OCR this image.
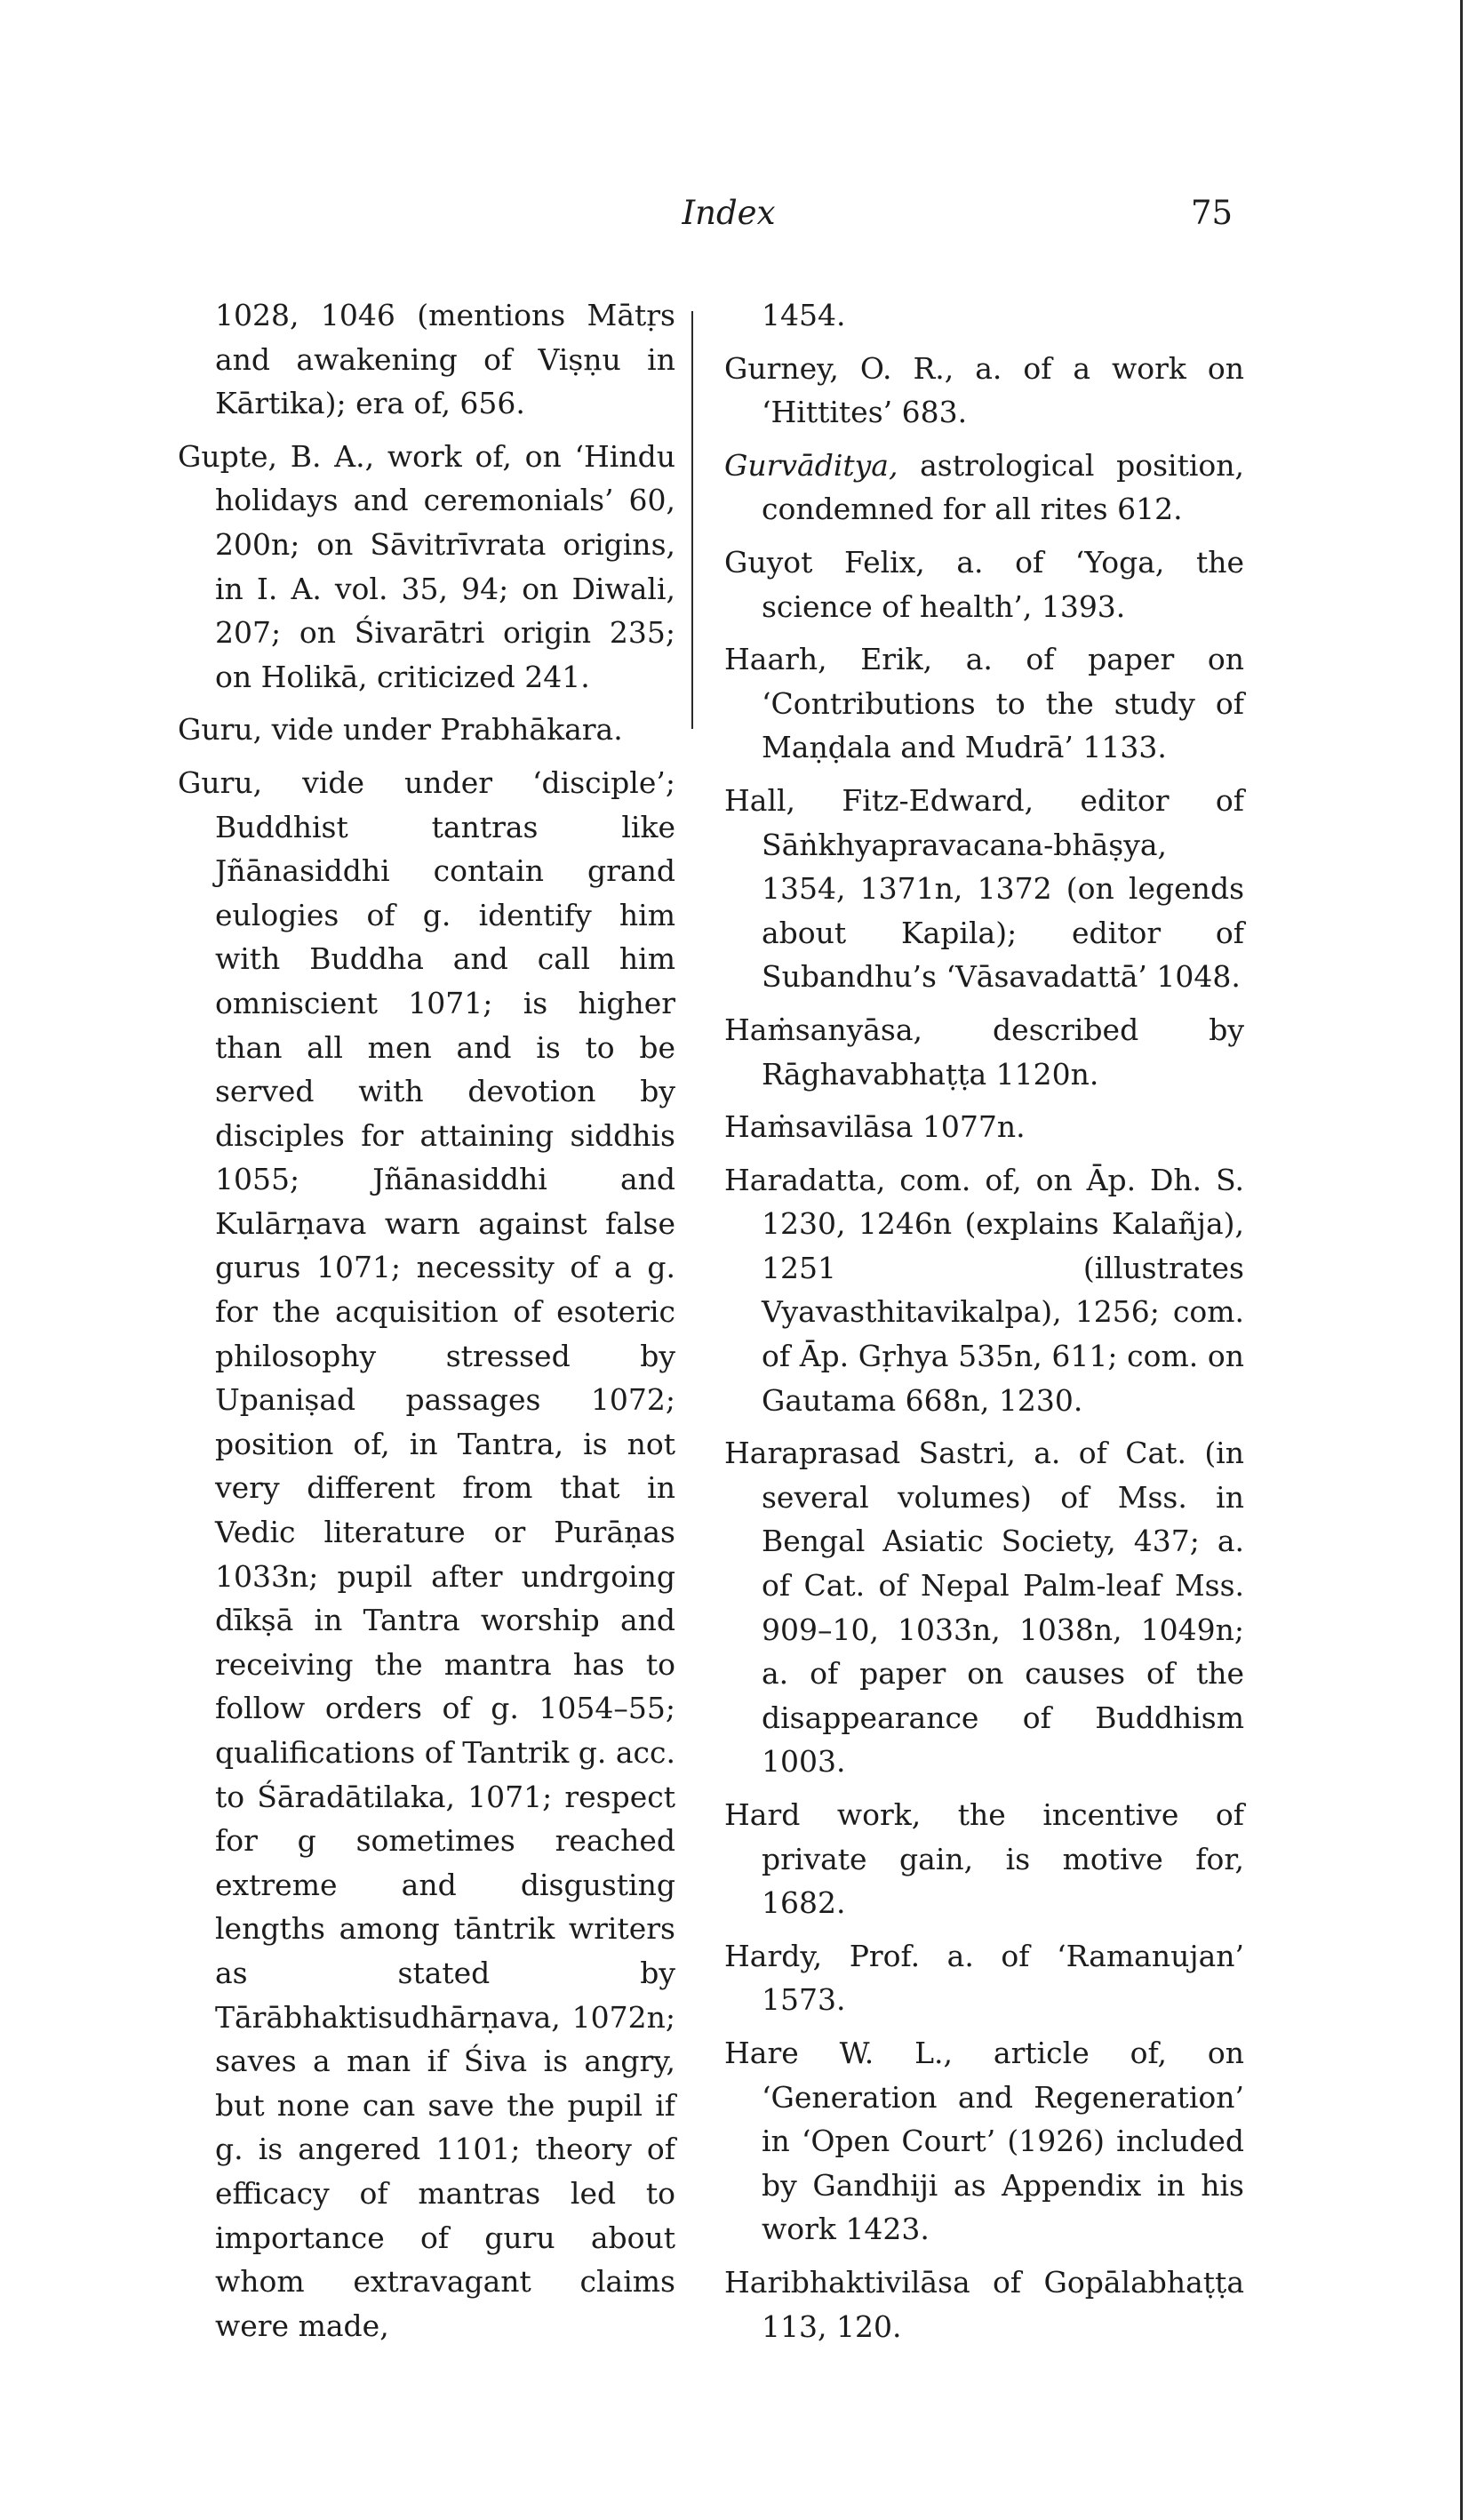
Index	75

1028, 1046 (mentions Mātṛs and awakening of Viṣṇu in Kārtika); era of, 656.

Gupte, B. A., work of, on ‘Hindu holidays and ceremonials’ 60, 200n; on Sāvitrīvrata origins, in I. A. vol. 35, 94; on Diwali, 207; on Śivarātri origin 235; on Holikā, criticized 241.

Guru, vide under Prabhākara.

Guru, vide under ‘disciple’; Buddhist tantras like Jñānasiddhi contain grand eulogies of g. identify him with Buddha and call him omniscient 1071; is higher than all men and is to be served with devotion by disciples for attaining siddhis 1055; Jñānasiddhi and Kulārṇava warn against false gurus 1071; necessity of a g. for the acquisition of esoteric philosophy stressed by Upaniṣad passages 1072; position of, in Tantra, is not very different from that in Vedic literature or Purāṇas 1033n; pupil after undrgoing dīkṣā in Tantra worship and receiving the mantra has to follow orders of g. 1054–55; qualifications of Tantrik g. acc. to Śāradātilaka, 1071; respect for g sometimes reached extreme and disgusting lengths among tāntrik writers as stated by Tārābhaktisudhārṇava, 1072n; saves a man if Śiva is angry, but none can save the pupil if g. is angered 1101; theory of efficacy of mantras led to importance of guru about whom extravagant claims were made,

1454.

Gurney, O. R., a. of a work on ‘Hittites’ 683.

Gurvāditya, astrological position, condemned for all rites 612.

Guyot Felix, a. of ‘Yoga, the science of health’, 1393.

Haarh, Erik, a. of paper on ‘Contributions to the study of Maṇḍala and Mudrā’ 1133.

Hall, Fitz-Edward, editor of Sāṅkhyapravacana-bhāṣya, 1354, 1371n, 1372 (on legends about Kapila); editor of Subandhu’s ‘Vāsavadattā’ 1048.

Haṁsanyāsa, described by Rāghavabhaṭṭa 1120n.

Haṁsavilāsa 1077n.

Haradatta, com. of, on Āp. Dh. S. 1230, 1246n (explains Kalañja), 1251 (illustrates Vyavasthitavikalpa), 1256; com. of Āp. Gṛhya 535n, 611; com. on Gautama 668n, 1230.

Haraprasad Sastri, a. of Cat. (in several volumes) of Mss. in Bengal Asiatic Society, 437; a. of Cat. of Nepal Palm-leaf Mss. 909–10, 1033n, 1038n, 1049n; a. of paper on causes of the disappearance of Buddhism 1003.

Hard work, the incentive of private gain, is motive for, 1682.

Hardy, Prof. a. of ‘Ramanujan’ 1573.

Hare W. L., article of, on ‘Generation and Regeneration’ in ‘Open Court’ (1926) included by Gandhiji as Appendix in his work 1423.

Haribhaktivilāsa of Gopālabhaṭṭa 113, 120.
